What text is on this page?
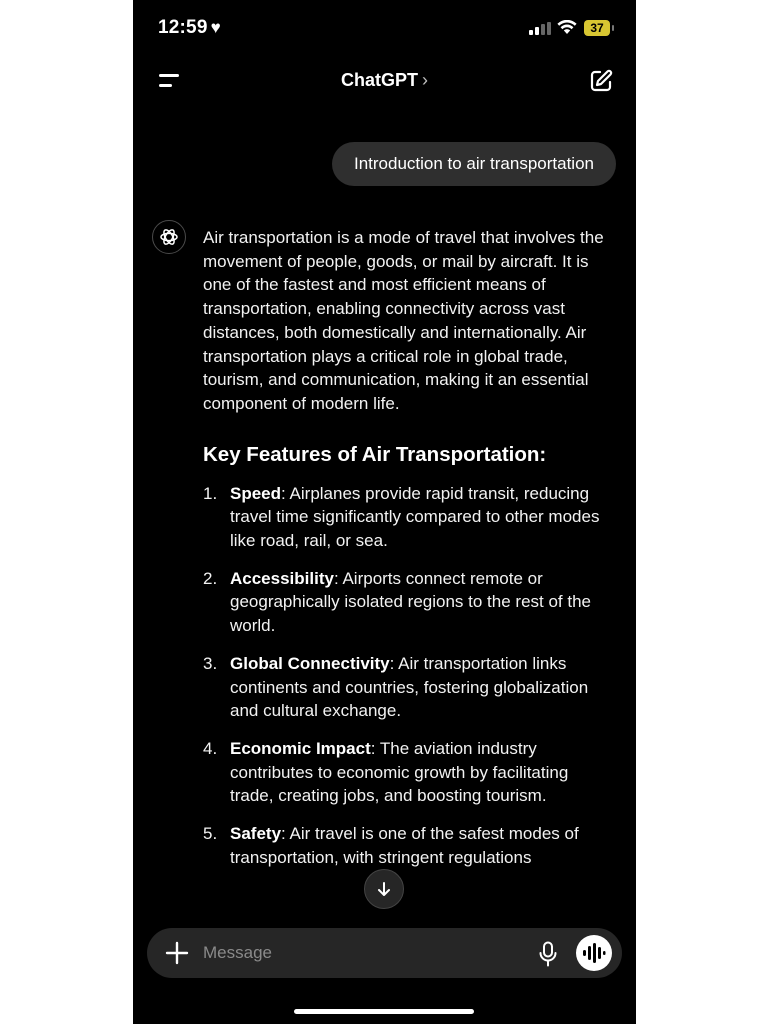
12:59 ♥	37
ChatGPT ›
Introduction to air transportation

Air transportation is a mode of travel that involves the movement of people, goods, or mail by aircraft. It is one of the fastest and most efficient means of transportation, enabling connectivity across vast distances, both domestically and internationally. Air transportation plays a critical role in global trade, tourism, and communication, making it an essential component of modern life.

Key Features of Air Transportation:
1. Speed: Airplanes provide rapid transit, reducing travel time significantly compared to other modes like road, rail, or sea.
2. Accessibility: Airports connect remote or geographically isolated regions to the rest of the world.
3. Global Connectivity: Air transportation links continents and countries, fostering globalization and cultural exchange.
4. Economic Impact: The aviation industry contributes to economic growth by facilitating trade, creating jobs, and boosting tourism.
5. Safety: Air travel is one of the safest modes of transportation, with stringent regulations
Message
